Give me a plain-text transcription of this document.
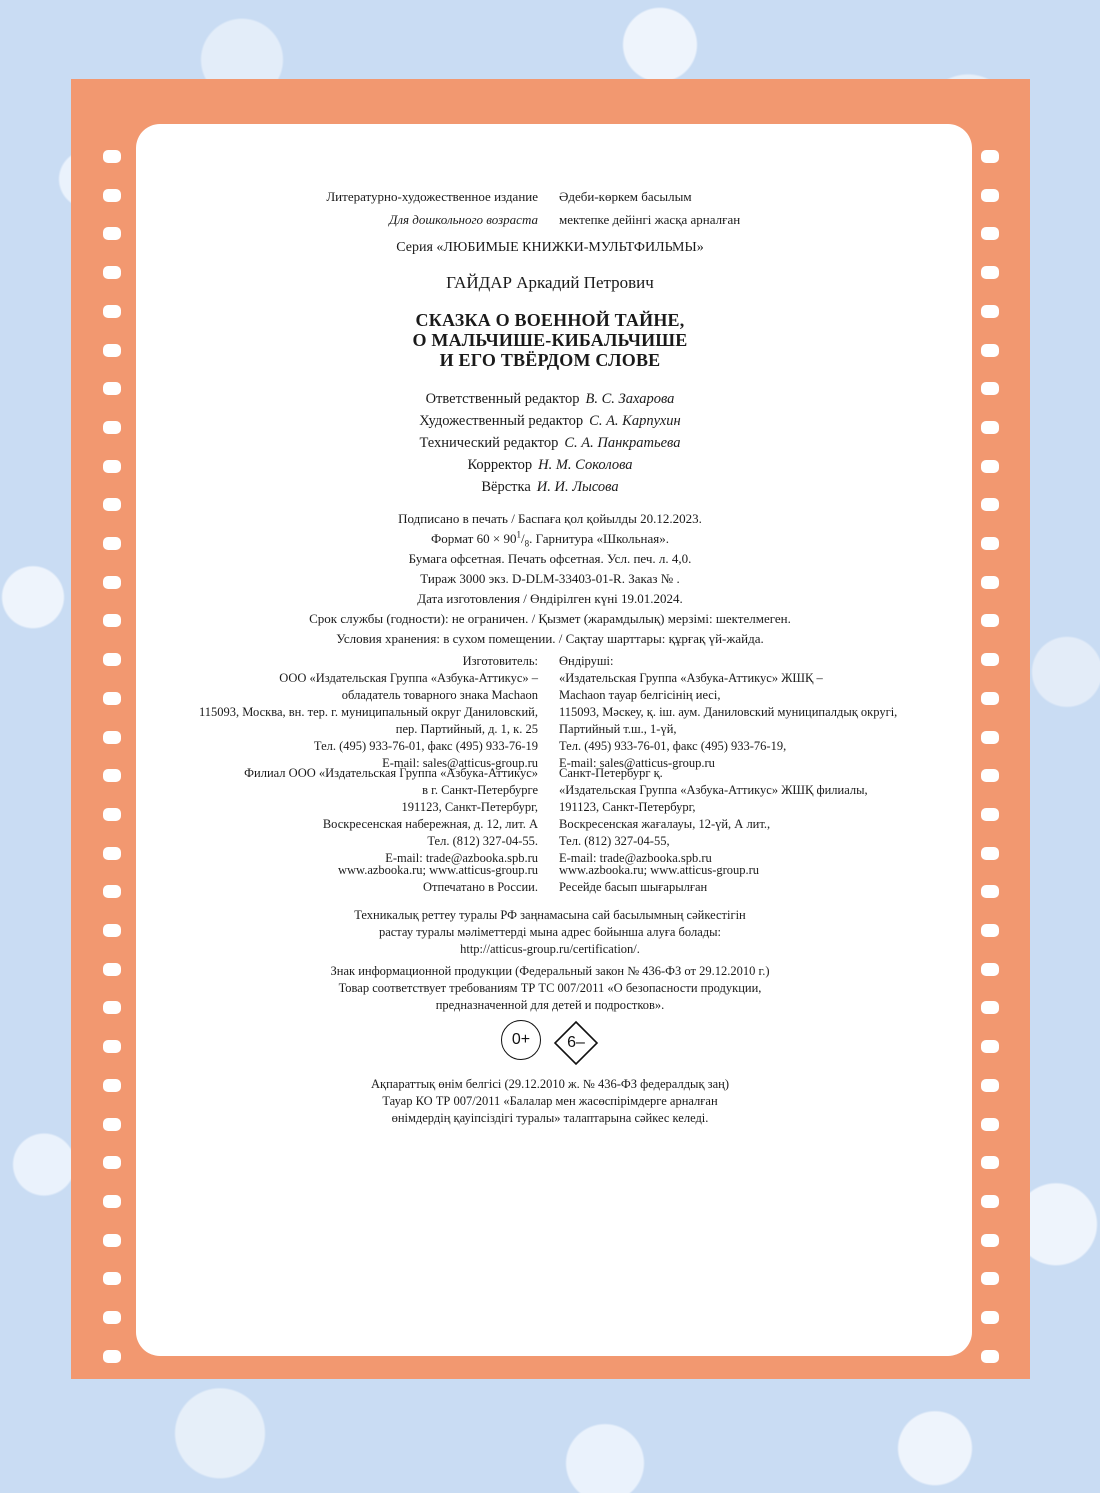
Литературно-художественное издание Әдеби-көркем басылым
Для дошкольного возраста мектепке дейінгі жасқа арналған
Серия «ЛЮБИМЫЕ КНИЖКИ-МУЛЬТФИЛЬМЫ»
ГАЙДАР Аркадий Петрович
СКАЗКА О ВОЕННОЙ ТАЙНЕ,
О МАЛЬЧИШЕ-КИБАЛЬЧИШЕ
И ЕГО ТВЁРДОМ СЛОВЕ
Ответственный редактор В. С. Захарова
Художественный редактор С. А. Карпухин
Технический редактор С. А. Панкратьева
Корректор Н. М. Соколова
Вёрстка И. И. Лысова
Подписано в печать / Баспаға қол қойылды 20.12.2023.
Формат $60 \times 90^1/_8$. Гарнитура «Школьная».
Бумага офсетная. Печать офсетная. Усл. печ. л. 4,0.
Тираж 3000 экз. D-DLM-33403-01-R. Заказ № .
Дата изготовления / Өндірілген күні 19.01.2024.
Срок службы (годности): не ограничен. / Қызмет (жарамдылық) мерзімі: шектелмеген.
Условия хранения: в сухом помещении. / Сақтау шарттары: құрғақ үй-жайда.
Изготовитель:
ООО «Издательская Группа «Азбука-Аттикус» –
обладатель товарного знака Machaon
115093, Москва, вн. тер. г. муниципальный округ Даниловский,
пер. Партийный, д. 1, к. 25
Тел. (495) 933-76-01, факс (495) 933-76-19
E-mail: sales@atticus-group.ru
Өндіруші:
«Издательская Группа «Азбука-Аттикус» ЖШҚ –
Machaon тауар белгісінің иесі,
115093, Мәскеу, қ. іш. аум. Даниловский муниципалдық округі,
Партийный т.ш., 1-үй,
Тел. (495) 933-76-01, факс (495) 933-76-19,
E-mail: sales@atticus-group.ru
Филиал ООО «Издательская Группа «Азбука-Аттикус»
в г. Санкт-Петербурге
191123, Санкт-Петербург,
Воскресенская набережная, д. 12, лит. А
Тел. (812) 327-04-55.
E-mail: trade@azbooka.spb.ru
Санкт-Петербург қ.
«Издательская Группа «Азбука-Аттикус» ЖШҚ филиалы,
191123, Санкт-Петербург,
Воскресенская жағалауы, 12-үй, А лит.,
Тел. (812) 327-04-55,
E-mail: trade@azbooka.spb.ru
www.azbooka.ru; www.atticus-group.ru
Отпечатано в России.
www.azbooka.ru; www.atticus-group.ru
Ресейде басып шығарылған
Техникалық реттеу туралы РФ заңнамасына сай басылымның сәйкестігін
растау туралы мәліметтерді мына адрес бойынша алуға болады:
http://atticus-group.ru/certification/.
Знак информационной продукции (Федеральный закон № 436-ФЗ от 29.12.2010 г.)
Товар соответствует требованиям ТР ТС 007/2011 «О безопасности продукции,
предназначенной для детей и подростков».
0+ 6–
Ақпараттық өнім белгісі (29.12.2010 ж. № 436-ФЗ федералдық заң)
Тауар КО ТР 007/2011 «Балалар мен жасөспірімдерге арналған
өнімдердің қауіпсіздігі туралы» талаптарына сәйкес келеді.
